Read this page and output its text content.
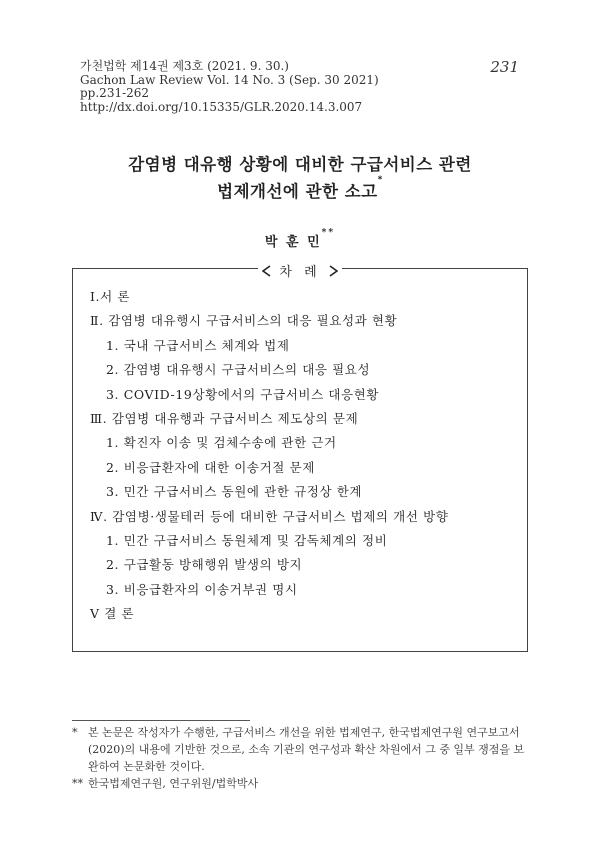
가천법학 제14권 제3호 (2021. 9. 30.)
Gachon Law Review Vol. 14 No. 3 (Sep. 30 2021)
pp.231-262
http://dx.doi.org/10.15335/GLR.2020.14.3.007
231
감염병 대유행 상황에 대비한 구급서비스 관련
법제개선에 관한 소고*
박 훈 민**
차 례
Ⅰ.서 론
Ⅱ. 감염병 대유행시 구급서비스의 대응 필요성과 현황
1. 국내 구급서비스 체계와 법제
2. 감염병 대유행시 구급서비스의 대응 필요성
3. COVID-19상황에서의 구급서비스 대응현황
Ⅲ. 감염병 대유행과 구급서비스 제도상의 문제
1. 확진자 이송 및 검체수송에 관한 근거
2. 비응급환자에 대한 이송거절 문제
3. 민간 구급서비스 동원에 관한 규정상 한계
Ⅳ. 감염병·생물테러 등에 대비한 구급서비스 법제의 개선 방향
1. 민간 구급서비스 동원체계 및 감독체계의 정비
2. 구급활동 방해행위 발생의 방지
3. 비응급환자의 이송거부권 명시
Ⅴ 결 론
* 본 논문은 작성자가 수행한, 구급서비스 개선을 위한 법제연구, 한국법제연구원 연구보고서
(2020)의 내용에 기반한 것으로, 소속 기관의 연구성과 확산 차원에서 그 중 일부 쟁점을 보
완하여 논문화한 것이다.
** 한국법제연구원, 연구위원/법학박사
